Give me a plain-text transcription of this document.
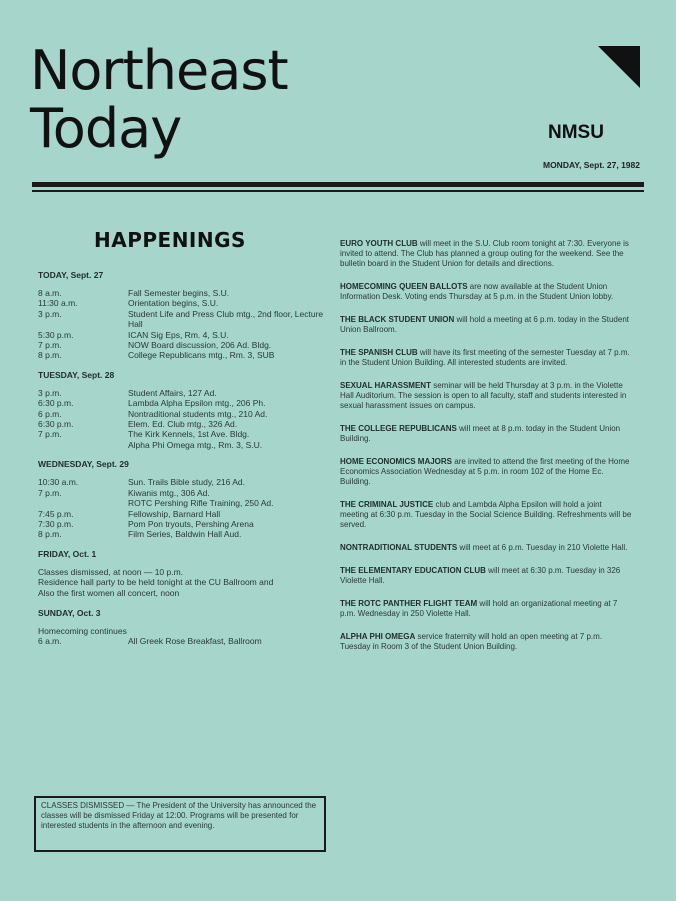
Northeast
Today	NMSU
MONDAY, Sept. 27, 1982
HAPPENINGS
TODAY, Sept. 27
8 a.m.	Fall Semester begins, S.U.
11:30 a.m.	Orientation begins, S.U.
3 p.m.	Student Life and Press Club mtg., 2nd floor, Lecture Hall
5:30 p.m.	ICAN Sig Eps, Rm. 4, S.U.
7 p.m.	NOW Board discussion, 206 Ad. Bldg.
8 p.m.	College Republicans mtg., Rm. 3, SUB
TUESDAY, Sept. 28
3 p.m.	Student Affairs, 127 Ad.
6:30 p.m.	Lambda Alpha Epsilon mtg., 206 Ph.
6 p.m.	Nontraditional students mtg., 210 Ad.
6:30 p.m.	Elem. Ed. Club mtg., 326 Ad.
7 p.m.	The Kirk Kennels, 1st Ave. Bldg.
Alpha Phi Omega mtg., Rm. 3, S.U.
WEDNESDAY, Sept. 29
10:30 a.m.	Sun. Trails Bible study, 216 Ad.
7 p.m.	Kiwanis mtg., 306 Ad.
ROTC Pershing Rifle Training, 250 Ad.
7:45 p.m.	Fellowship, Barnard Hall
7:30 p.m.	Pom Pon tryouts, Pershing Arena
8 p.m.	Film Series, Baldwin Hall Aud.
FRIDAY, Oct. 1
Classes dismissed, at noon — 10 p.m.
Residence hall party to be held tonight at the CU Ballroom and
Also the first women all concert, noon
SUNDAY, Oct. 3
Homecoming continues
6 a.m.	All Greek Rose Breakfast, Ballroom
CLASSES DISMISSED — The President of the University has announced the classes will be dismissed Friday at 12:00. Programs will be presented for interested students in the afternoon and evening.
EURO YOUTH CLUB will meet in the S.U. Club room tonight at 7:30. Everyone is invited to attend. The Club has planned a group outing for the weekend. See the bulletin board in the Student Union for details and directions.
HOMECOMING QUEEN BALLOTS are now available at the Student Union Information Desk. Voting ends Thursday at 5 p.m. in the Student Union lobby.
THE BLACK STUDENT UNION will hold a meeting at 6 p.m. today in the Student Union Ballroom.
THE SPANISH CLUB will have its first meeting of the semester Tuesday at 7 p.m. in the Student Union Building. All interested students are invited.
SEXUAL HARASSMENT seminar will be held Thursday at 3 p.m. in the Violette Hall Auditorium. The session is open to all faculty, staff and students interested in sexual harassment issues on campus.
THE COLLEGE REPUBLICANS will meet at 8 p.m. today in the Student Union Building.
HOME ECONOMICS MAJORS are invited to attend the first meeting of the Home Economics Association Wednesday at 5 p.m. in room 102 of the Home Ec. Building.
THE CRIMINAL JUSTICE club and Lambda Alpha Epsilon will hold a joint meeting at 6:30 p.m. Tuesday in the Social Science Building. Refreshments will be served.
NONTRADITIONAL STUDENTS will meet at 6 p.m. Tuesday in 210 Violette Hall.
THE ELEMENTARY EDUCATION CLUB will meet at 6:30 p.m. Tuesday in 326 Violette Hall.
THE ROTC PANTHER FLIGHT TEAM will hold an organizational meeting at 7 p.m. Wednesday in 250 Violette Hall.
ALPHA PHI OMEGA service fraternity will hold an open meeting at 7 p.m. Tuesday in Room 3 of the Student Union Building.
